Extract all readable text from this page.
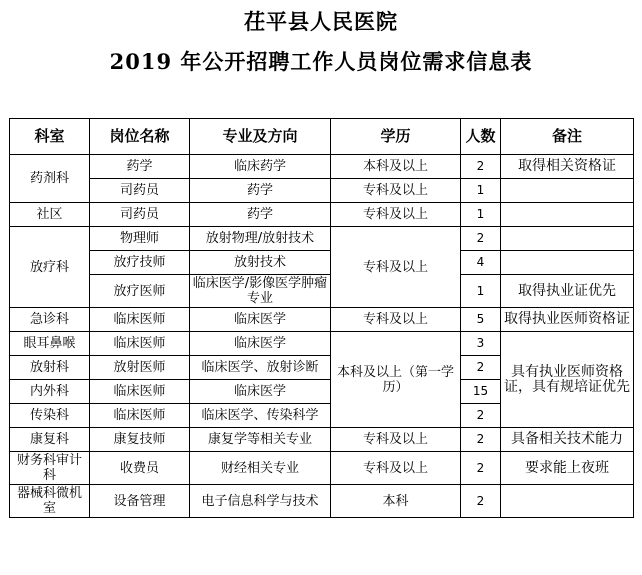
茌平县人民医院
2019 年公开招聘工作人员岗位需求信息表
科室	岗位名称	专业及方向	学历	人数	备注
药剂科	药学	临床药学	本科及以上	2	取得相关资格证
	司药员	药学	专科及以上	1	
社区	司药员	药学	专科及以上	1	
放疗科	物理师	放射物理/放射技术	专科及以上	2	
	放疗技师	放射技术		4	
	放疗医师	临床医学/影像医学肿瘤专业		1	取得执业证优先
急诊科	临床医师	临床医学	专科及以上	5	取得执业医师资格证
眼耳鼻喉	临床医师	临床医学	本科及以上（第一学历）	3	具有执业医师资格证，具有规培证优先
放射科	放射医师	临床医学、放射诊断		2	
内外科	临床医师	临床医学		15	
传染科	临床医师	临床医学、传染科学		2	
康复科	康复技师	康复学等相关专业	专科及以上	2	具备相关技术能力
财务科审计科	收费员	财经相关专业	专科及以上	2	要求能上夜班
器械科微机室	设备管理	电子信息科学与技术	本科	2	
